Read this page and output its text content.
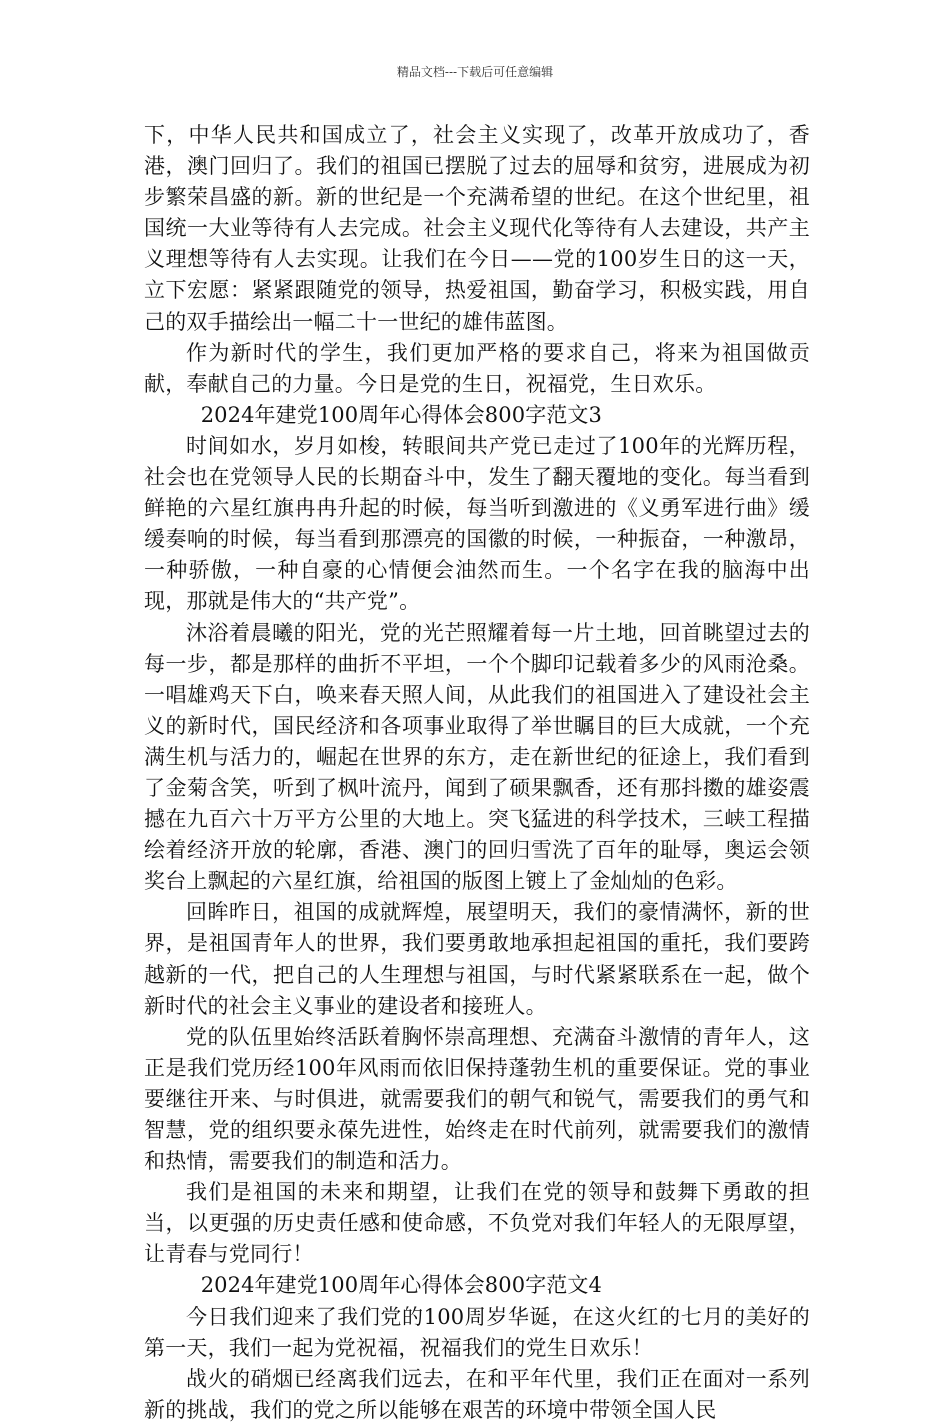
精品文档---下载后可任意编辑

下，中华人民共和国成立了，社会主义实现了，改革开放成功了，香港，澳门回归了。我们的祖国已摆脱了过去的屈辱和贫穷，进展成为初步繁荣昌盛的新。新的世纪是一个充满希望的世纪。在这个世纪里，祖国统一大业等待有人去完成。社会主义现代化等待有人去建设，共产主义理想等待有人去实现。让我们在今日——党的100岁生日的这一天，立下宏愿：紧紧跟随党的领导，热爱祖国，勤奋学习，积极实践，用自己的双手描绘出一幅二十一世纪的雄伟蓝图。

作为新时代的学生，我们更加严格的要求自己，将来为祖国做贡献，奉献自己的力量。今日是党的生日，祝福党，生日欢乐。

2024年建党100周年心得体会800字范文3

时间如水，岁月如梭，转眼间共产党已走过了100年的光辉历程，社会也在党领导人民的长期奋斗中，发生了翻天覆地的变化。每当看到鲜艳的六星红旗冉冉升起的时候，每当听到激进的《义勇军进行曲》缓缓奏响的时候，每当看到那漂亮的国徽的时候，一种振奋，一种激昂，一种骄傲，一种自豪的心情便会油然而生。一个名字在我的脑海中出现，那就是伟大的“共产党”。

沐浴着晨曦的阳光，党的光芒照耀着每一片土地，回首眺望过去的每一步，都是那样的曲折不平坦，一个个脚印记载着多少的风雨沧桑。一唱雄鸡天下白，唤来春天照人间，从此我们的祖国进入了建设社会主义的新时代，国民经济和各项事业取得了举世瞩目的巨大成就，一个充满生机与活力的，崛起在世界的东方，走在新世纪的征途上，我们看到了金菊含笑，听到了枫叶流丹，闻到了硕果飘香，还有那抖擞的雄姿震撼在九百六十万平方公里的大地上。突飞猛进的科学技术，三峡工程描绘着经济开放的轮廓，香港、澳门的回归雪洗了百年的耻辱，奥运会领奖台上飘起的六星红旗，给祖国的版图上镀上了金灿灿的色彩。

回眸昨日，祖国的成就辉煌，展望明天，我们的豪情满怀，新的世界，是祖国青年人的世界，我们要勇敢地承担起祖国的重托，我们要跨越新的一代，把自己的人生理想与祖国，与时代紧紧联系在一起，做个新时代的社会主义事业的建设者和接班人。

党的队伍里始终活跃着胸怀崇高理想、充满奋斗激情的青年人，这正是我们党历经100年风雨而依旧保持蓬勃生机的重要保证。党的事业要继往开来、与时俱进，就需要我们的朝气和锐气，需要我们的勇气和智慧，党的组织要永葆先进性，始终走在时代前列，就需要我们的激情和热情，需要我们的制造和活力。

我们是祖国的未来和期望，让我们在党的领导和鼓舞下勇敢的担当，以更强的历史责任感和使命感，不负党对我们年轻人的无限厚望，让青春与党同行！

2024年建党100周年心得体会800字范文4

今日我们迎来了我们党的100周岁华诞，在这火红的七月的美好的第一天，我们一起为党祝福，祝福我们的党生日欢乐！

战火的硝烟已经离我们远去，在和平年代里，我们正在面对一系列新的挑战，我们的党之所以能够在艰苦的环境中带领全国人民
